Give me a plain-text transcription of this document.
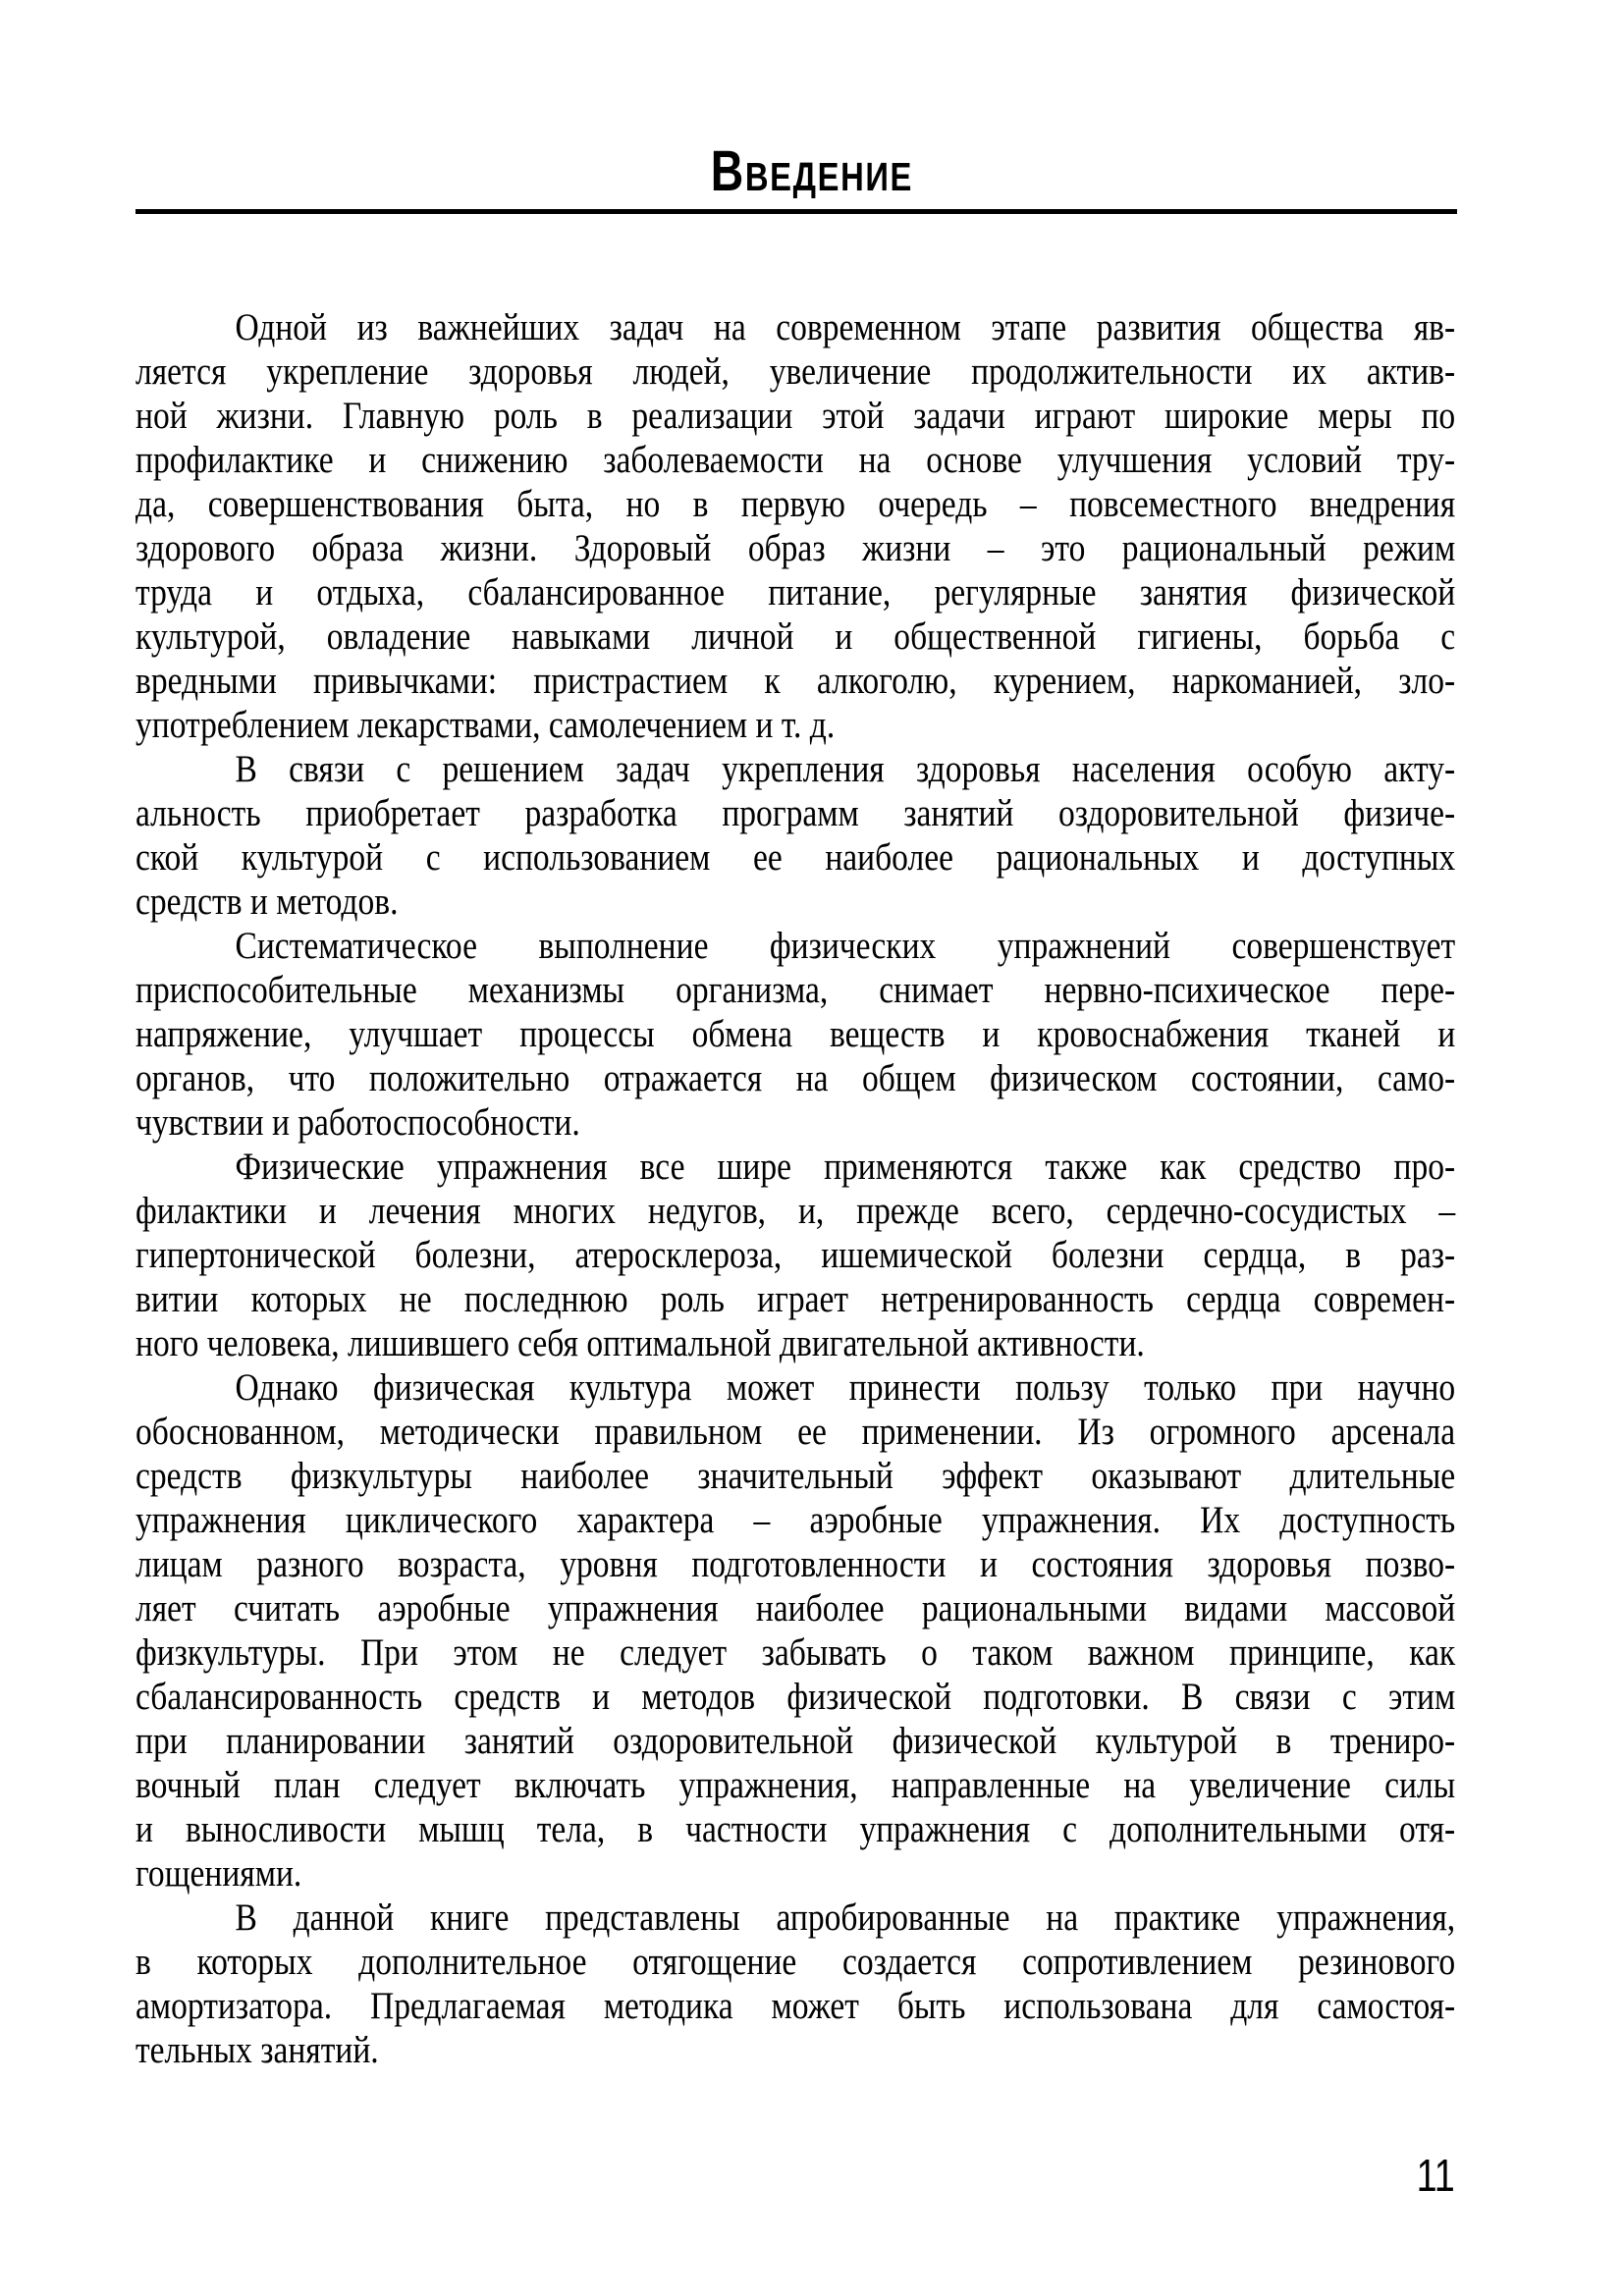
Введение
Одной из важнейших задач на современном этапе развития общества яв-
ляется укрепление здоровья людей, увеличение продолжительности их актив-
ной жизни. Главную роль в реализации этой задачи играют широкие меры по
профилактике и снижению заболеваемости на основе улучшения условий тру-
да, совершенствования быта, но в первую очередь – повсеместного внедрения
здорового образа жизни. Здоровый образ жизни – это рациональный режим
труда и отдыха, сбалансированное питание, регулярные занятия физической
культурой, овладение навыками личной и общественной гигиены, борьба с
вредными привычками: пристрастием к алкоголю, курением, наркоманией, зло-
употреблением лекарствами, самолечением и т. д.
В связи с решением задач укрепления здоровья населения особую акту-
альность приобретает разработка программ занятий оздоровительной физиче-
ской культурой с использованием ее наиболее рациональных и доступных
средств и методов.
Систематическое выполнение физических упражнений совершенствует
приспособительные механизмы организма, снимает нервно-психическое пере-
напряжение, улучшает процессы обмена веществ и кровоснабжения тканей и
органов, что положительно отражается на общем физическом состоянии, само-
чувствии и работоспособности.
Физические упражнения все шире применяются также как средство про-
филактики и лечения многих недугов, и, прежде всего, сердечно-сосудистых –
гипертонической болезни, атеросклероза, ишемической болезни сердца, в раз-
витии которых не последнюю роль играет нетренированность сердца современ-
ного человека, лишившего себя оптимальной двигательной активности.
Однако физическая культура может принести пользу только при научно
обоснованном, методически правильном ее применении. Из огромного арсенала
средств физкультуры наиболее значительный эффект оказывают длительные
упражнения циклического характера – аэробные упражнения. Их доступность
лицам разного возраста, уровня подготовленности и состояния здоровья позво-
ляет считать аэробные упражнения наиболее рациональными видами массовой
физкультуры. При этом не следует забывать о таком важном принципе, как
сбалансированность средств и методов физической подготовки. В связи с этим
при планировании занятий оздоровительной физической культурой в трениро-
вочный план следует включать упражнения, направленные на увеличение силы
и выносливости мышц тела, в частности упражнения с дополнительными отя-
гощениями.
В данной книге представлены апробированные на практике упражнения,
в которых дополнительное отягощение создается сопротивлением резинового
амортизатора. Предлагаемая методика может быть использована для самостоя-
тельных занятий.
11
